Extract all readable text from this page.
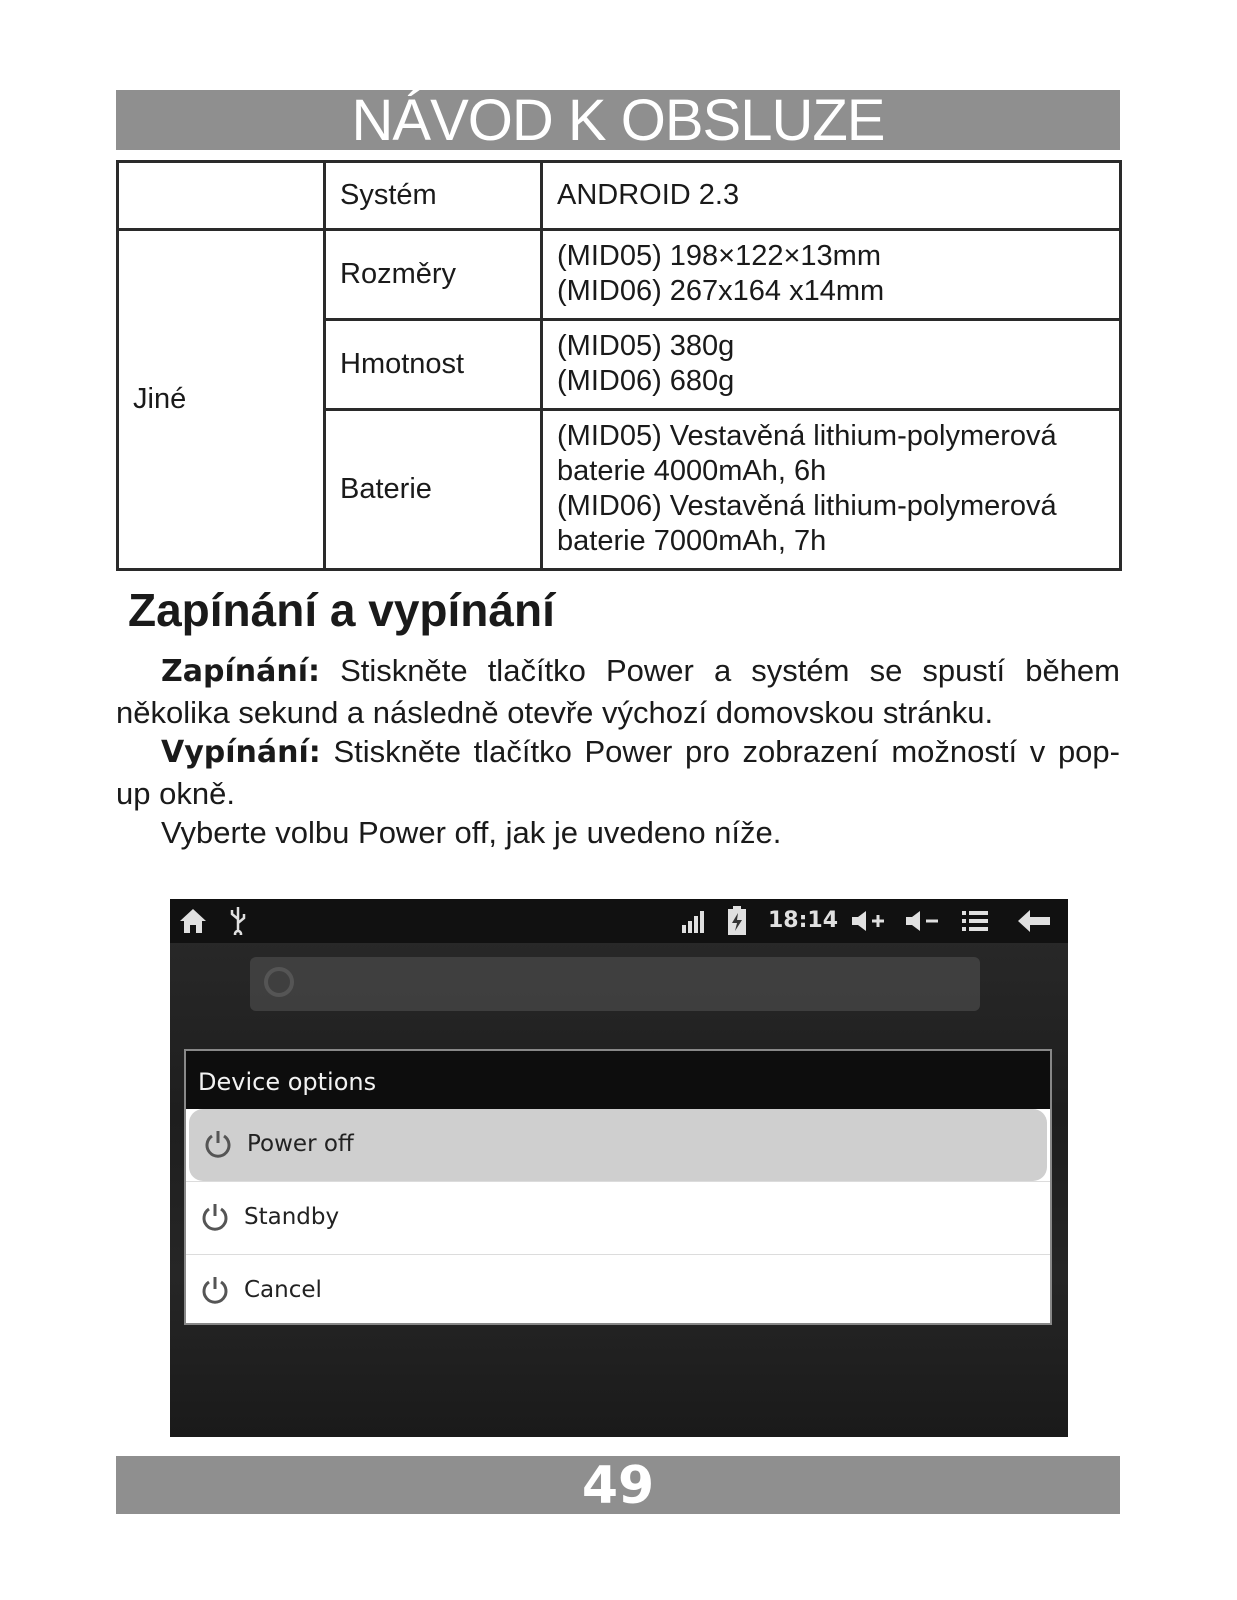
NÁVOD K OBSLUZE
	Systém	ANDROID 2.3

Jiné	Rozměry	(MID05) 198×122×13mm
(MID06) 267x164 x14mm

	Hmotnost	(MID05) 380g
(MID06) 680g

	Baterie	(MID05) Vestavěná lithium-polymerová
baterie 4000mAh, 6h
(MID06) Vestavěná lithium-polymerová
baterie 7000mAh, 7h
Zapínání a vypínání

Zapínání: Stiskněte tlačítko Power a systém se spustí během několika sekund a následně otevře výchozí domovskou stránku.

Vypínání: Stiskněte tlačítko Power pro zobrazení možností v pop-up okně.

Vyberte volbu Power off, jak je uvedeno níže.

18:14
Device options
Power off
Standby
Cancel
49
